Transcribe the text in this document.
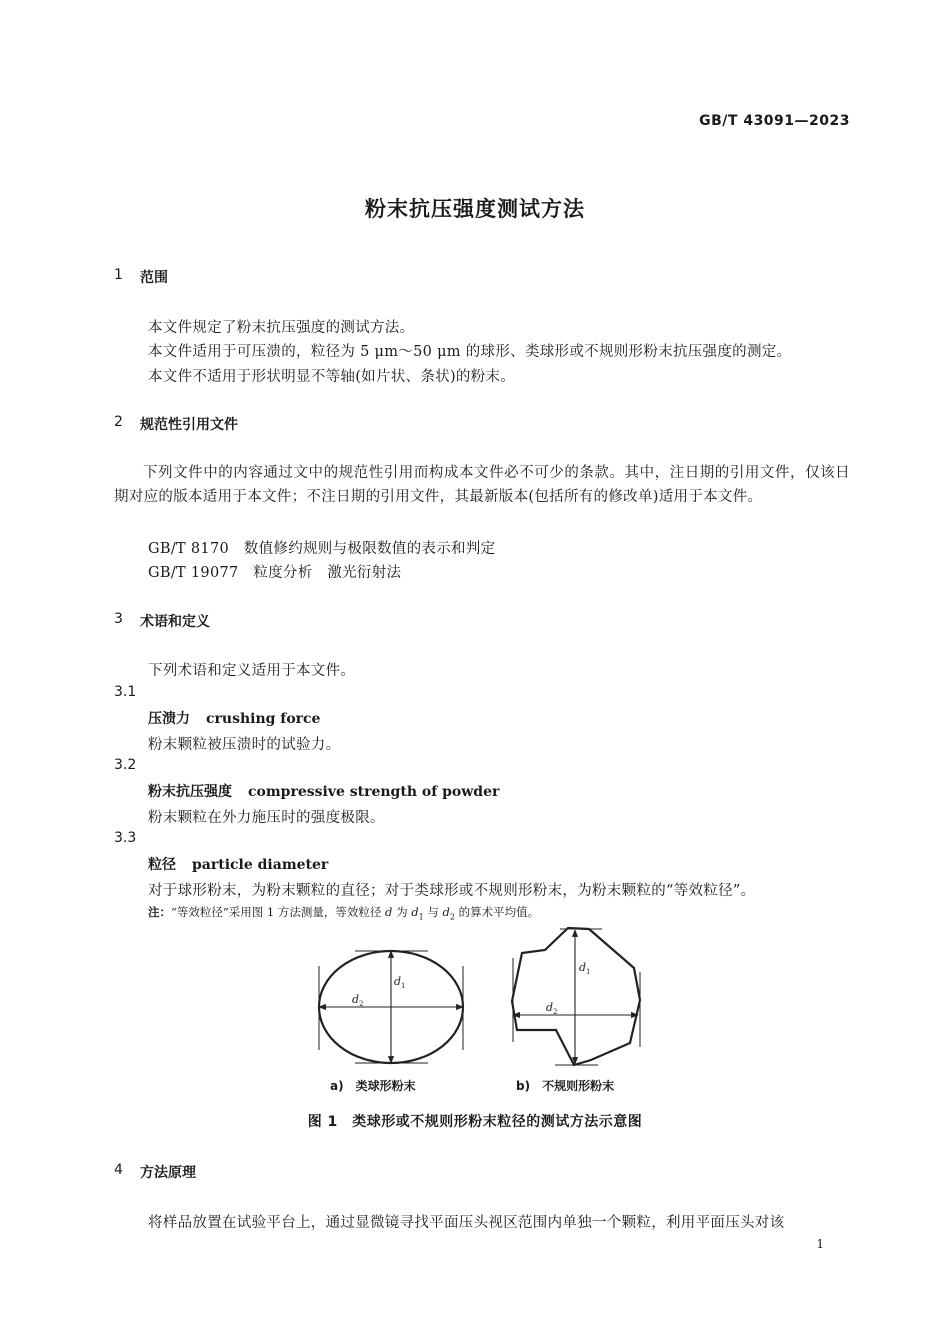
GB/T 43091—2023
粉末抗压强度测试方法
1 范围
本文件规定了粉末抗压强度的测试方法。
本文件适用于可压溃的，粒径为 5 μm～50 μm 的球形、类球形或不规则形粉末抗压强度的测定。
本文件不适用于形状明显不等轴(如片状、条状)的粉末。
2 规范性引用文件
下列文件中的内容通过文中的规范性引用而构成本文件必不可少的条款。其中，注日期的引用文件，仅该日期对应的版本适用于本文件；不注日期的引用文件，其最新版本(包括所有的修改单)适用于本文件。
GB/T 8170　数值修约规则与极限数值的表示和判定
GB/T 19077　粒度分析　激光衍射法
3 术语和定义
下列术语和定义适用于本文件。
3.1
压溃力 crushing force
粉末颗粒被压溃时的试验力。
3.2
粉末抗压强度 compressive strength of powder
粉末颗粒在外力施压时的强度极限。
3.3
粒径 particle diameter
对于球形粉末，为粉末颗粒的直径；对于类球形或不规则形粉末，为粉末颗粒的“等效粒径”。
注：“等效粒径”采用图 1 方法测量，等效粒径 d 为 $d_1$ 与 $d_2$ 的算术平均值。
$d_1$
$d_2$
$d_1$
$d_2$
a)　类球形粉末	b)　不规则形粉末
图 1　类球形或不规则形粉末粒径的测试方法示意图
4 方法原理
将样品放置在试验平台上，通过显微镜寻找平面压头视区范围内单独一个颗粒，利用平面压头对该
1
